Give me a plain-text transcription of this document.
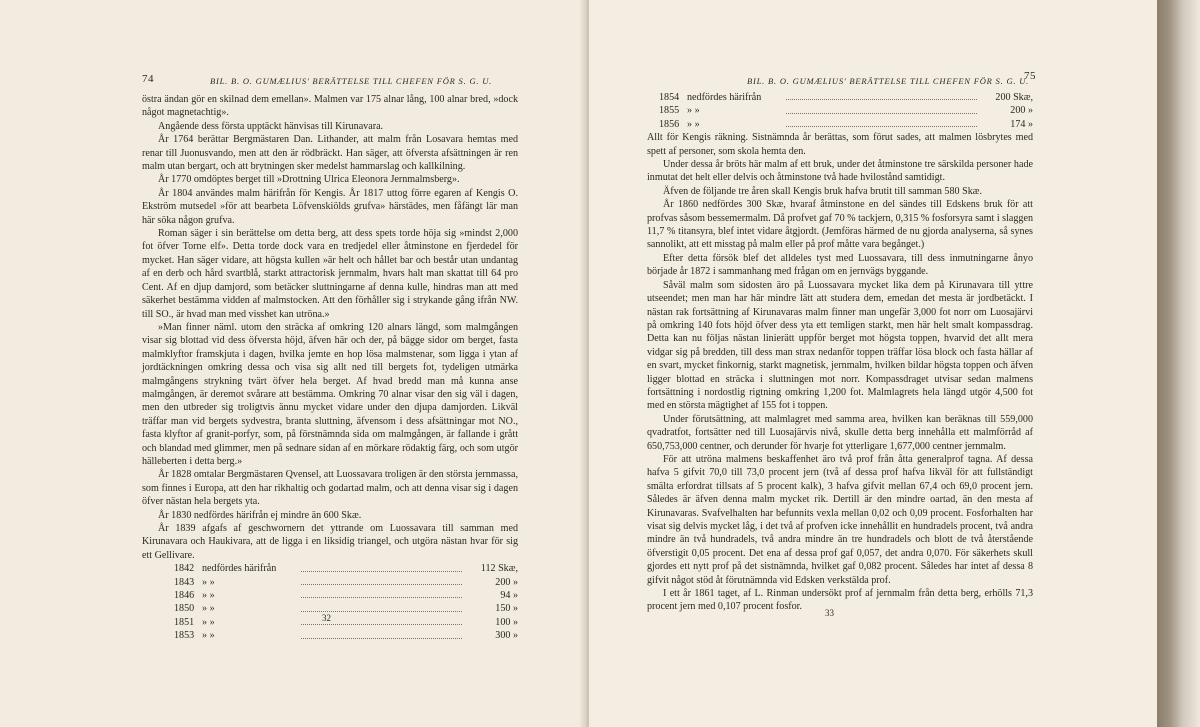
74	BIL. B. O. GUMÆLIUS' BERÄTTELSE TILL CHEFEN FÖR S. G. U.

östra ändan gör en skilnad dem emellan». Malmen var 175 alnar lång, 100 alnar bred, »dock något magnetachtig».

Angående dess första upptäckt hänvisas till Kirunavara.

År 1764 berättar Bergmästaren Dan. Lithander, att malm från Losavara hemtas med renar till Juonusvando, men att den är rödbräckt. Han säger, att öfversta afsättningen är ren malm utan bergart, och att brytningen sker medelst hammarslag och kallkilning.

År 1770 omdöptes berget till »Drottning Ulrica Eleonora Jernmalmsberg».

År 1804 användes malm härifrån för Kengis. År 1817 uttog förre egaren af Kengis O. Ekström mutsedel »för att bearbeta Löfvenskiölds grufva» härstädes, men fåfängt lär man här söka någon grufva.

Roman säger i sin berättelse om detta berg, att dess spets torde höja sig »mindst 2,000 fot öfver Torne elf». Detta torde dock vara en tredjedel eller åtminstone en fjerdedel för mycket. Han säger vidare, att högsta kullen »är helt och hållet bar och består utan undantag af en derb och hård svartblå, starkt attractorisk jernmalm, hvars halt man skattat till 64 pro Cent. Af en djup damjord, som betäcker sluttningarne af denna kulle, hindras man att med säkerhet bestämma vidden af malmstocken. Att den förhåller sig i strykande gång ifrån NW. till SO., är hvad man med visshet kan utröna.»

»Man finner näml. utom den sträcka af omkring 120 alnars längd, som malmgången visar sig blottad vid dess öfversta höjd, äfven här och der, på bägge sidor om berget, fasta malmklyftor framskjuta i dagen, hvilka jemte en hop lösa malmstenar, som ligga i ytan af jordtäckningen omkring dessa och visa sig allt ned till bergets fot, tydeligen utmärka malmgångens strykning tvärt öfver hela berget. Af hvad bredd man må kunna anse malmgången, är deremot svårare att bestämma. Omkring 70 alnar visar den sig väl i dagen, men den utbreder sig troligtvis ännu mycket vidare under den djupa damjorden. Likväl träffar man vid bergets sydvestra, branta sluttning, äfvensom i dess afsättningar mot NO., fasta klyftor af granit-porfyr, som, på förstnämnda sida om malmgången, är fallande i grått och blandad med glimmer, men på sednare sidan af en mörkare rödaktig färg, och som utgör hälleberten i detta berg.»

År 1828 omtalar Bergmästaren Qvensel, att Luossavara troligen är den största jernmassa, som finnes i Europa, att den har rikhaltig och godartad malm, och att denna visar sig i dagen öfver nästan hela bergets yta.

År 1830 nedfördes härifrån ej mindre än 600 Skæ.

År 1839 afgafs af geschwornern det yttrande om Luossavara till samman med Kirunavara och Haukivara, att de ligga i en liksidig triangel, och utgöra nästan hvar för sig ett Gellivare.

1842 nedfördes härifrån	112 Skæ,
1843 » »	200 »
1846 » »	94 »
1850 » »	150 »
1851 » »	100 »
1853 » »	300 »
32
BIL. B. O. GUMÆLIUS' BERÄTTELSE TILL CHEFEN FÖR S. G. U.
75
1854 nedfördes härifrån	200 Skæ,
1855 » »	200 »
1856 » »	174 »

Allt för Kengis räkning. Sistnämnda år berättas, som förut sades, att malmen lösbrytes med spett af personer, som skola hemta den.

Under dessa år bröts här malm af ett bruk, under det åtminstone tre särskilda personer hade inmutat det helt eller delvis och åtminstone två hade hvilostånd samtidigt.

Äfven de följande tre åren skall Kengis bruk hafva brutit till samman 580 Skæ.

År 1860 nedfördes 300 Skæ, hvaraf åtminstone en del sändes till Edskens bruk för att profvas såsom bessemermalm. Då profvet gaf 70 % tackjern, 0,315 % fosforsyra samt i slaggen 11,7 % titansyra, blef intet vidare åtgjordt. (Jemföras härmed de nu gjorda analyserna, så synes sannolikt, att ett misstag på malm eller på prof måtte vara begånget.)

Efter detta försök blef det alldeles tyst med Luossavara, till dess inmutningarne ånyo började år 1872 i sammanhang med frågan om en jernvägs byggande.

Såväl malm som sidosten äro på Luossavara mycket lika dem på Kirunavara till yttre utseendet; men man har här mindre lätt att studera dem, emedan det mesta är jordbetäckt. I nästan rak fortsättning af Kirunavaras malm finner man ungefär 3,000 fot norr om Luosajärvi på omkring 140 fots höjd öfver dess yta ett temligen starkt, men här helt smalt kompassdrag. Detta kan nu följas nästan linierätt uppför berget mot högsta toppen, hvarvid det allt mera vidgar sig på bredden, till dess man strax nedanför toppen träffar lösa block och fasta hällar af en svart, mycket finkornig, starkt magnetisk, jernmalm, hvilken bildar högsta toppen och äfven ligger blottad en sträcka i sluttningen mot norr. Kompassdraget utvisar sedan malmens fortsättning i nordostlig rigtning omkring 1,200 fot. Malmlagrets hela längd utgör 4,500 fot med en största mägtighet af 155 fot i toppen.

Under förutsättning, att malmlagret med samma area, hvilken kan beräknas till 559,000 qvadratfot, fortsätter ned till Luosajärvis nivå, skulle detta berg innehålla ett malmförråd af 650,753,000 centner, och derunder för hvarje fot ytterligare 1,677,000 centner jernmalm.

För att utröna malmens beskaffenhet äro två prof från åtta generalprof tagna. Af dessa hafva 5 gifvit 70,0 till 73,0 procent jern (två af dessa prof hafva likväl för att fullständigt smälta erfordrat tillsats af 5 procent kalk), 3 hafva gifvit mellan 67,4 och 69,0 procent jern. Således är äfven denna malm mycket rik. Dertill är den mindre oartad, än den mesta af Kirunavaras. Svafvelhalten har befunnits vexla mellan 0,02 och 0,09 procent. Fosforhalten har visat sig delvis mycket låg, i det två af profven icke innehållit en hundradels procent, två andra mindre än två hundradels, två andra mindre än tre hundradels och blott de två återstående öfverstigit 0,05 procent. Det ena af dessa prof gaf 0,057, det andra 0,070. För säkerhets skull gjordes ett nytt prof på det sistnämnda, hvilket gaf 0,082 procent. Således har intet af dessa 8 gifvit något stöd åt förutnämnda vid Edsken verkstälda prof.

I ett år 1861 taget, af L. Rinman undersökt prof af jernmalm från detta berg, erhölls 71,3 procent jern med 0,107 procent fosfor.

33
